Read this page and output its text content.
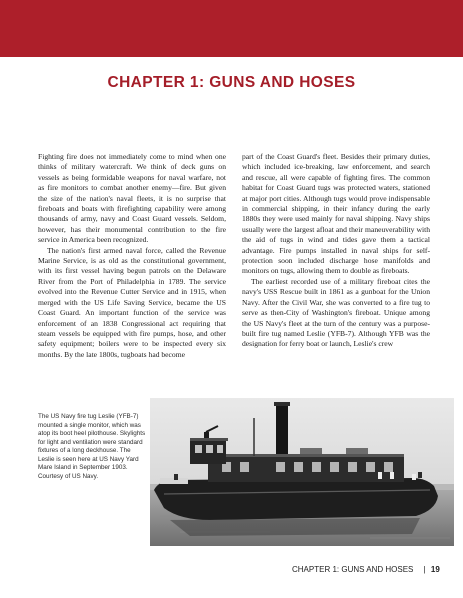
CHAPTER 1: GUNS AND HOSES

Fighting fire does not immediately come to mind when one thinks of military watercraft. We think of deck guns on vessels as being formidable weapons for naval warfare, not as fire monitors to combat another enemy—fire. But given the size of the nation's naval fleets, it is no surprise that fireboats and boats with firefighting capability were among thousands of army, navy and Coast Guard vessels. Seldom, however, has their monumental contribution to the fire service in America been recognized.

The nation's first armed naval force, called the Revenue Marine Service, is as old as the constitutional government, with its first vessel having begun patrols on the Delaware River from the Port of Philadelphia in 1789. The service evolved into the Revenue Cutter Service and in 1915, when merged with the US Life Saving Service, became the US Coast Guard. An important function of the service was enforcement of an 1838 Congressional act requiring that steam vessels be equipped with fire pumps, hose, and other safety equipment; boilers were to be inspected every six months. By the late 1800s, tugboats had become

part of the Coast Guard's fleet. Besides their primary duties, which included ice-breaking, law enforcement, and search and rescue, all were capable of fighting fires. The common habitat for Coast Guard tugs was protected waters, stationed at major port cities. Although tugs would prove indispensable in commercial shipping, in their infancy during the early 1880s they were used mainly for naval shipping. Navy ships usually were the largest afloat and their maneuverability with the aid of tugs in wind and tides gave them a tactical advantage. Fire pumps installed in naval ships for self-protection soon included discharge hose manifolds and monitors on tugs, allowing them to double as fireboats.

The earliest recorded use of a military fireboat cites the navy's USS Rescue built in 1861 as a gunboat for the Union Navy. After the Civil War, she was converted to a fire tug to serve as then-City of Washington's fireboat. Unique among the US Navy's fleet at the turn of the century was a purpose-built fire tug named Leslie (YFB-7). Although YFB was the designation for ferry boat or launch, Leslie's crew

The US Navy fire tug Leslie (YFB-7) mounted a single monitor, which was atop its boot heel pilothouse. Skylights for light and ventilation were standard fixtures of a long deckhouse. The Leslie is seen here at US Navy Yard Mare Island in September 1903. Courtesy of US Navy.
CHAPTER 1: GUNS AND HOSES | 19
